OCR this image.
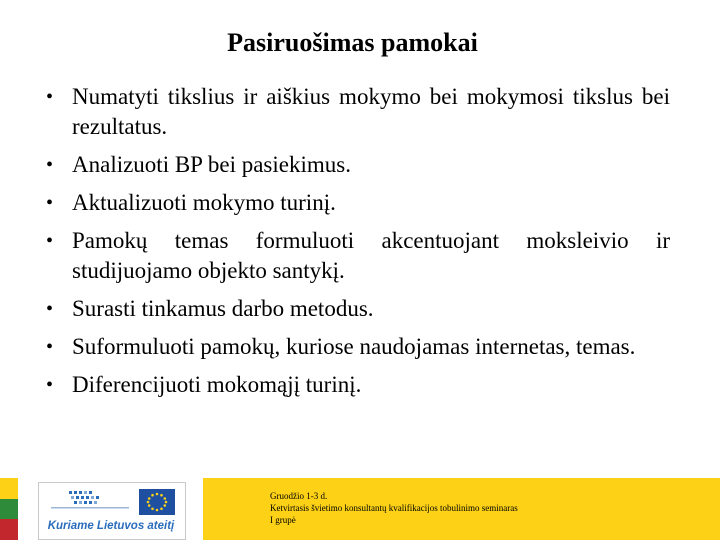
Pasiruošimas pamokai
• Numatyti tikslius ir aiškius mokymo bei mokymosi tikslus bei rezultatus.
• Analizuoti BP bei pasiekimus.
• Aktualizuoti mokymo turinį.
• Pamokų temas formuluoti akcentuojant moksleivio ir studijuojamo objekto santykį.
• Surasti tinkamus darbo metodus.
• Suformuluoti pamokų, kuriose naudojamas internetas, temas.
• Diferencijuoti mokomąjį turinį.
Kuriame Lietuvos ateitį
Gruodžio 1-3 d.
Ketvirtasis švietimo konsultantų kvalifikacijos tobulinimo seminaras
I grupė
